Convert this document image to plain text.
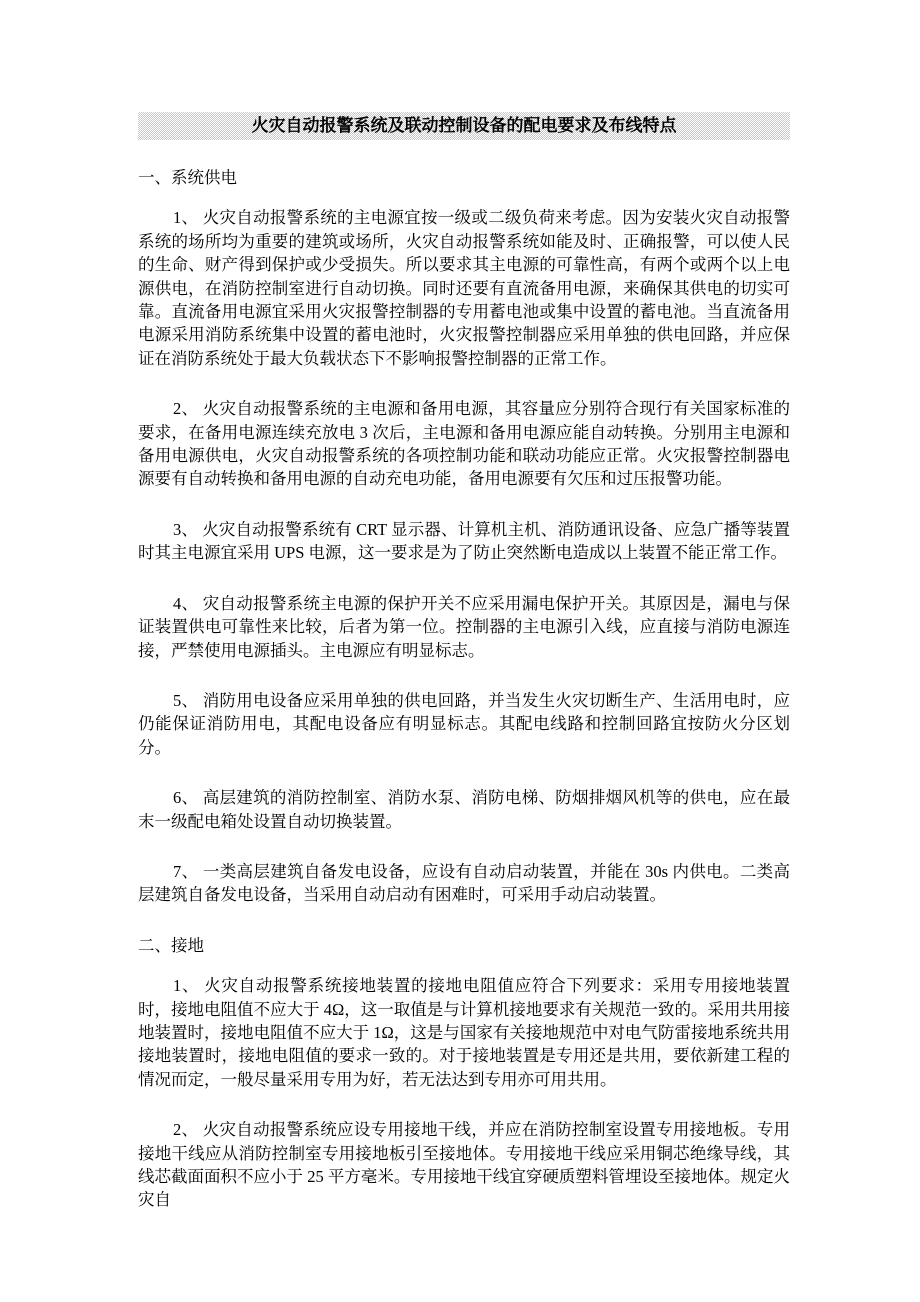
火灾自动报警系统及联动控制设备的配电要求及布线特点
一、系统供电

1、 火灾自动报警系统的主电源宜按一级或二级负荷来考虑。因为安装火灾自动报警系统的场所均为重要的建筑或场所，火灾自动报警系统如能及时、正确报警，可以使人民的生命、财产得到保护或少受损失。所以要求其主电源的可靠性高，有两个或两个以上电源供电，在消防控制室进行自动切换。同时还要有直流备用电源，来确保其供电的切实可靠。直流备用电源宜采用火灾报警控制器的专用蓄电池或集中设置的蓄电池。当直流备用电源采用消防系统集中设置的蓄电池时，火灾报警控制器应采用单独的供电回路，并应保证在消防系统处于最大负载状态下不影响报警控制器的正常工作。

2、 火灾自动报警系统的主电源和备用电源，其容量应分别符合现行有关国家标准的要求，在备用电源连续充放电 3 次后，主电源和备用电源应能自动转换。分别用主电源和备用电源供电，火灾自动报警系统的各项控制功能和联动功能应正常。火灾报警控制器电源要有自动转换和备用电源的自动充电功能，备用电源要有欠压和过压报警功能。

3、 火灾自动报警系统有 CRT 显示器、计算机主机、消防通讯设备、应急广播等装置时其主电源宜采用 UPS 电源，这一要求是为了防止突然断电造成以上装置不能正常工作。

4、 灾自动报警系统主电源的保护开关不应采用漏电保护开关。其原因是，漏电与保证装置供电可靠性来比较，后者为第一位。控制器的主电源引入线，应直接与消防电源连接，严禁使用电源插头。主电源应有明显标志。

5、 消防用电设备应采用单独的供电回路，并当发生火灾切断生产、生活用电时，应仍能保证消防用电，其配电设备应有明显标志。其配电线路和控制回路宜按防火分区划分。

6、 高层建筑的消防控制室、消防水泵、消防电梯、防烟排烟风机等的供电，应在最末一级配电箱处设置自动切换装置。

7、 一类高层建筑自备发电设备，应设有自动启动装置，并能在 30s 内供电。二类高层建筑自备发电设备，当采用自动启动有困难时，可采用手动启动装置。

二、接地

1、 火灾自动报警系统接地装置的接地电阻值应符合下列要求：采用专用接地装置时，接地电阻值不应大于 4Ω，这一取值是与计算机接地要求有关规范一致的。采用共用接地装置时，接地电阻值不应大于 1Ω，这是与国家有关接地规范中对电气防雷接地系统共用接地装置时，接地电阻值的要求一致的。对于接地装置是专用还是共用，要依新建工程的情况而定，一般尽量采用专用为好，若无法达到专用亦可用共用。

2、 火灾自动报警系统应设专用接地干线，并应在消防控制室设置专用接地板。专用接地干线应从消防控制室专用接地板引至接地体。专用接地干线应采用铜芯绝缘导线，其线芯截面面积不应小于 25 平方毫米。专用接地干线宜穿硬质塑料管埋设至接地体。规定火灾自
